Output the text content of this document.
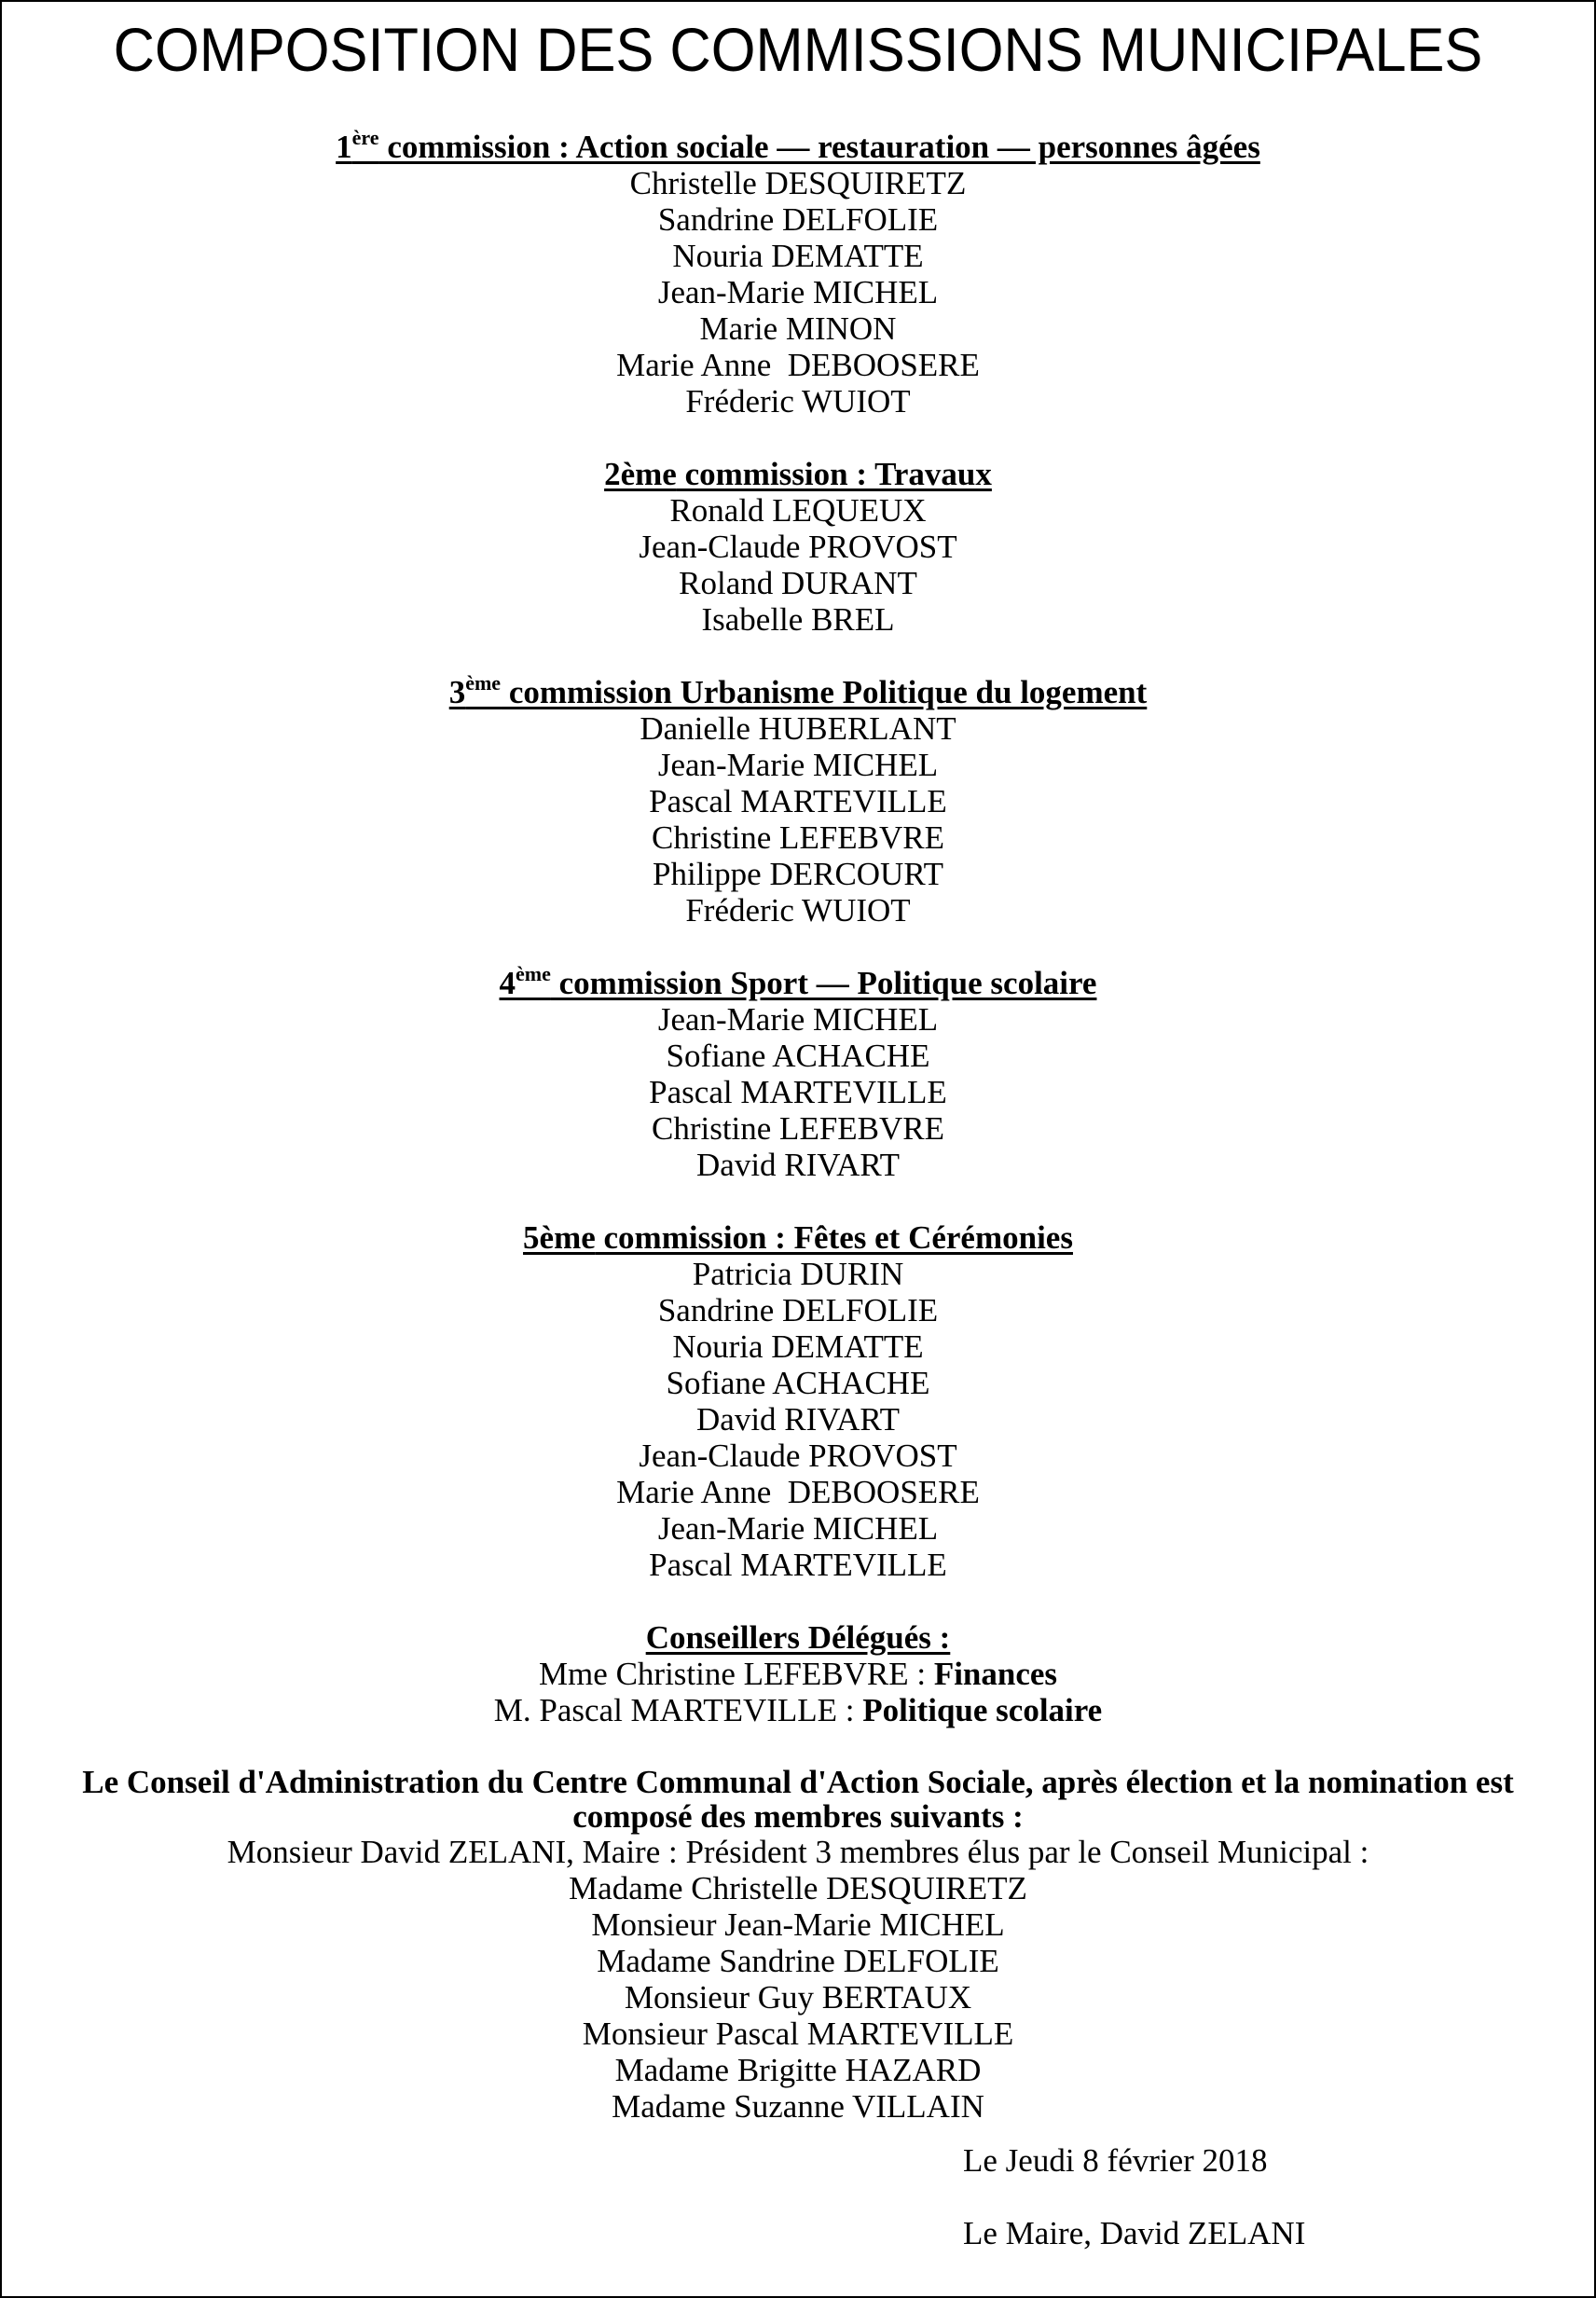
COMPOSITION DES COMMISSIONS MUNICIPALES
1ère commission : Action sociale — restauration — personnes âgées
Christelle DESQUIRETZ
Sandrine DELFOLIE
Nouria DEMATTE
Jean-Marie MICHEL
Marie MINON
Marie Anne  DEBOOSERE
Fréderic WUIOT
2ème commission : Travaux
Ronald LEQUEUX
Jean-Claude PROVOST
Roland DURANT
Isabelle BREL
3ème commission Urbanisme Politique du logement
Danielle HUBERLANT
Jean-Marie MICHEL
Pascal MARTEVILLE
Christine LEFEBVRE
Philippe DERCOURT
Fréderic WUIOT
4ème commission Sport — Politique scolaire
Jean-Marie MICHEL
Sofiane ACHACHE
Pascal MARTEVILLE
Christine LEFEBVRE
David RIVART
5ème commission : Fêtes et Cérémonies
Patricia DURIN
Sandrine DELFOLIE
Nouria DEMATTE
Sofiane ACHACHE
David RIVART
Jean-Claude PROVOST
Marie Anne  DEBOOSERE
Jean-Marie MICHEL
Pascal MARTEVILLE
Conseillers Délégués :
Mme Christine LEFEBVRE : Finances
M. Pascal MARTEVILLE : Politique scolaire
Le Conseil d'Administration du Centre Communal d'Action Sociale, après élection et la nomination est composé des membres suivants :
Monsieur David ZELANI, Maire : Président 3 membres élus par le Conseil Municipal :
Madame Christelle DESQUIRETZ
Monsieur Jean-Marie MICHEL
Madame Sandrine DELFOLIE
Monsieur Guy BERTAUX
Monsieur Pascal MARTEVILLE
Madame Brigitte HAZARD
Madame Suzanne VILLAIN
Le Jeudi 8 février 2018
Le Maire, David ZELANI
